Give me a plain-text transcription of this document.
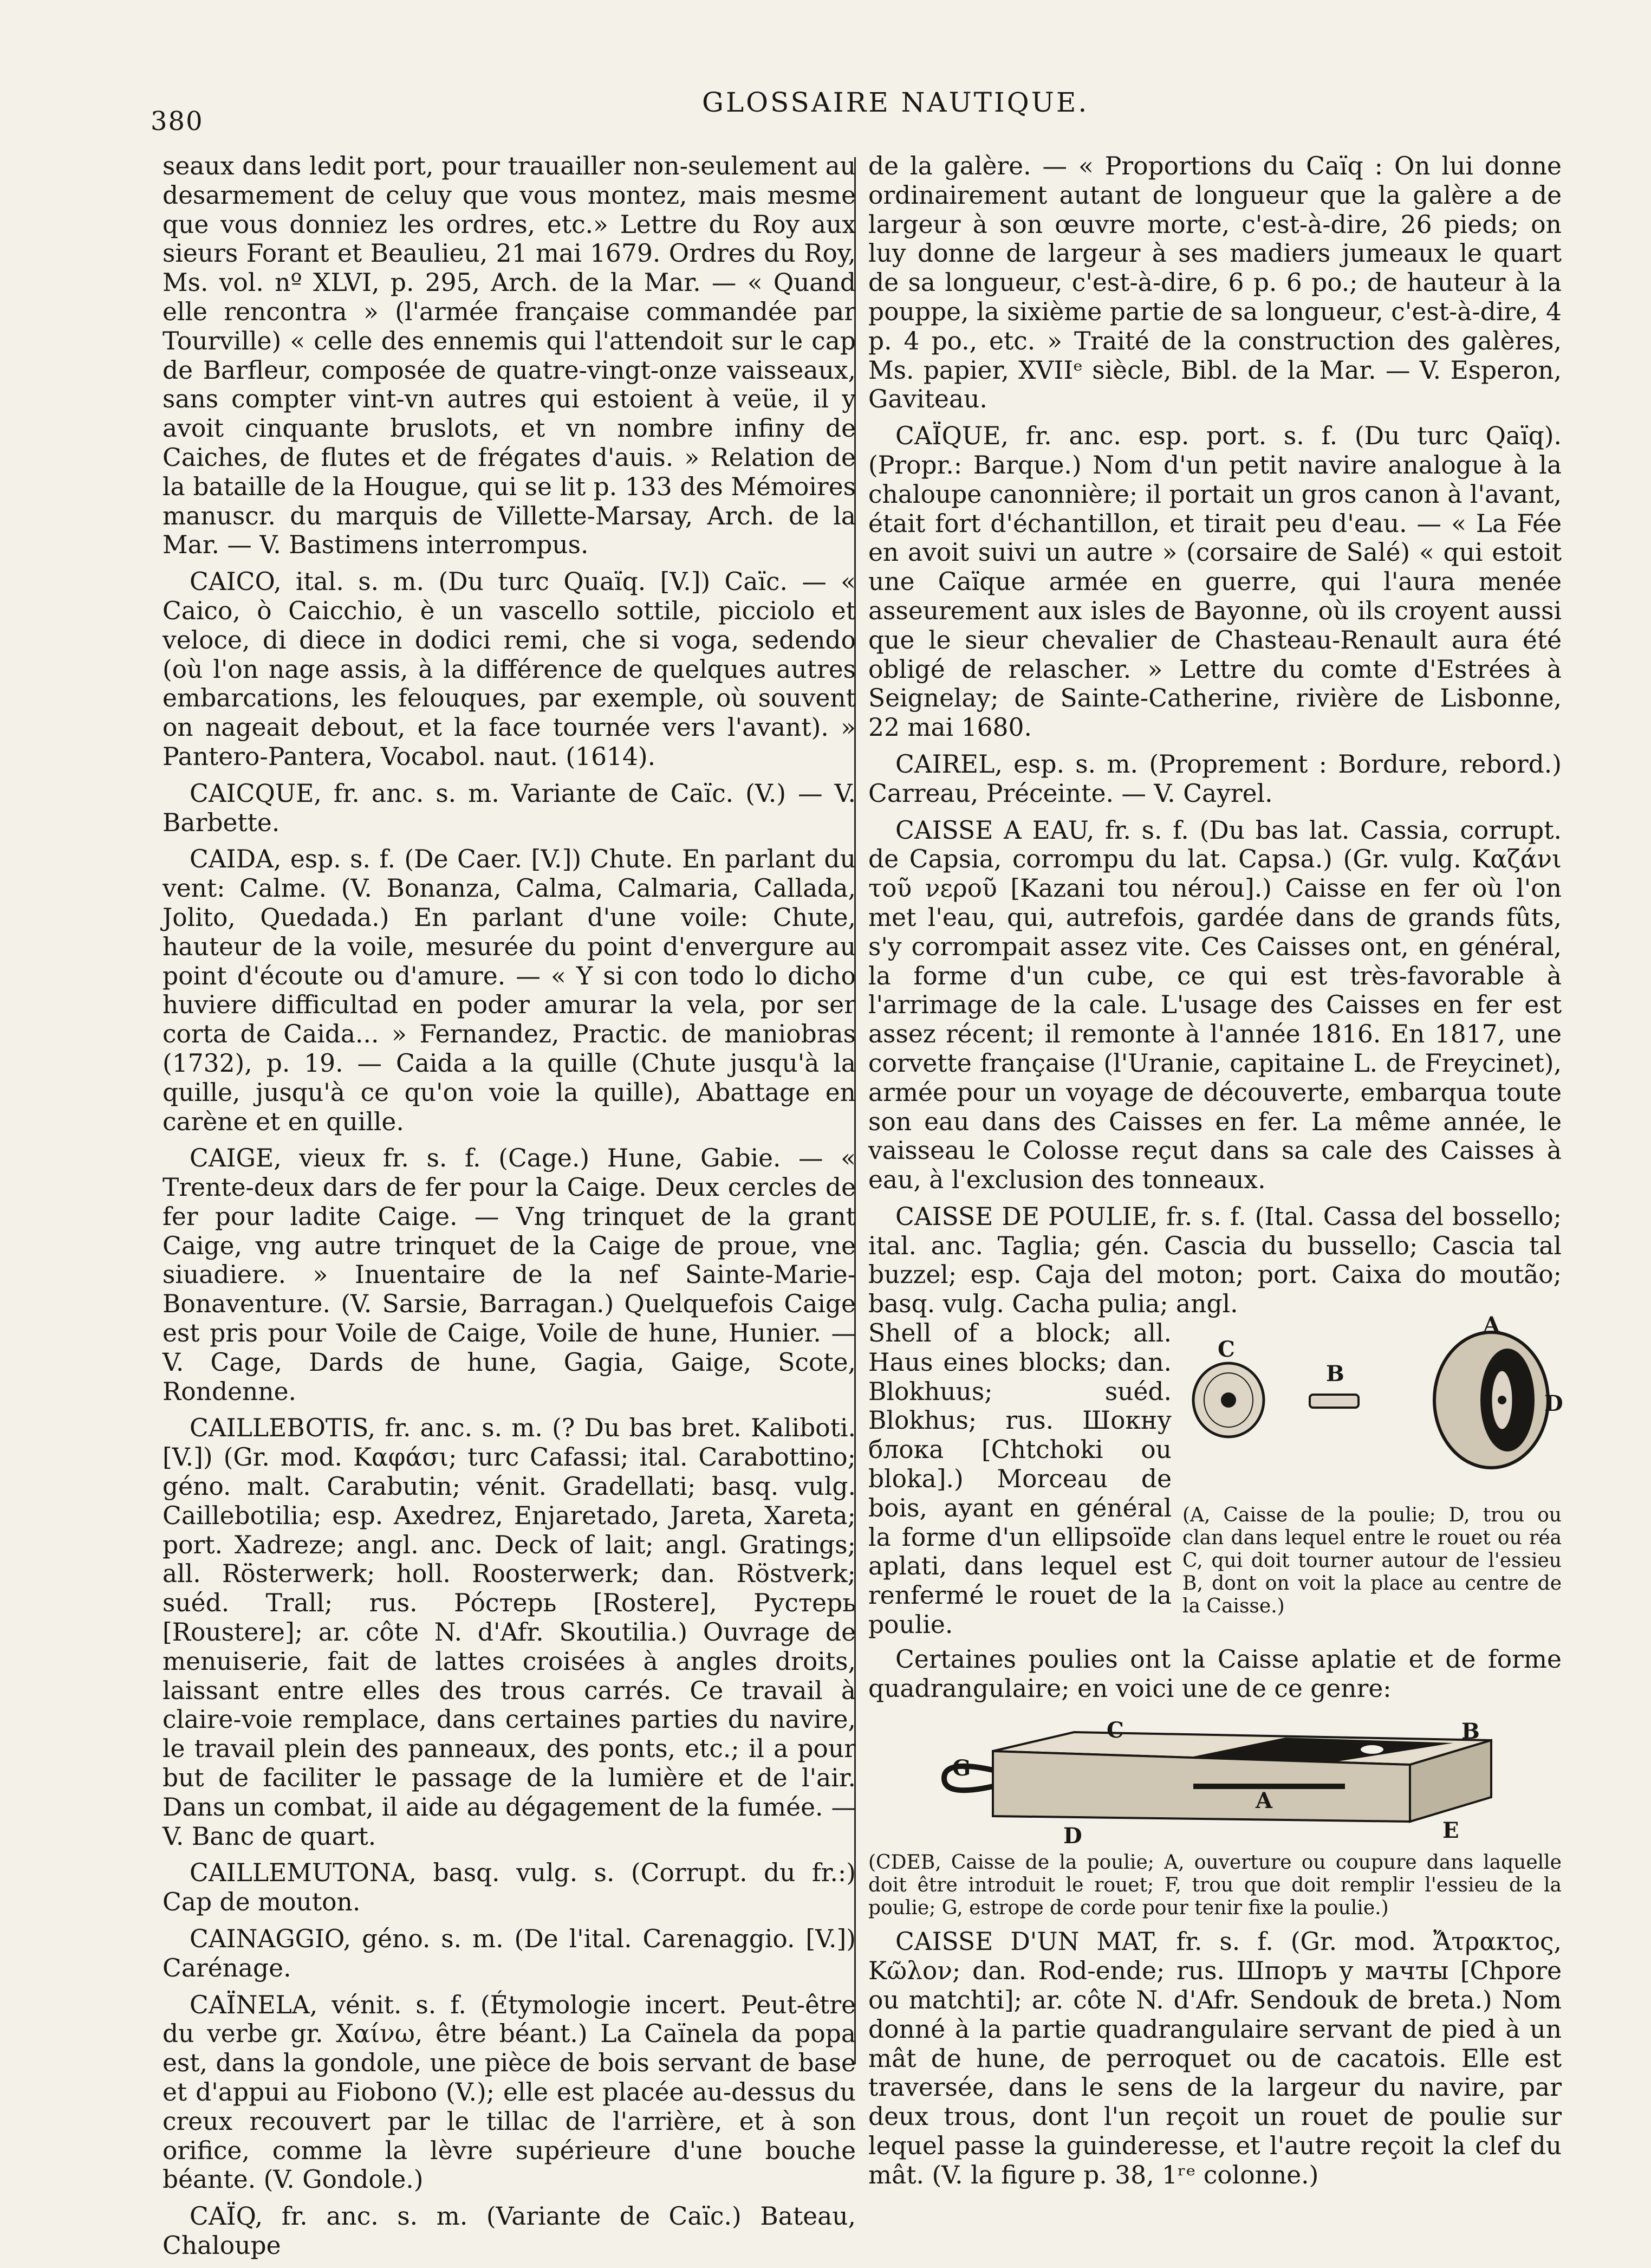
380
GLOSSAIRE NAUTIQUE.

seaux dans ledit port, pour trauailler non-seulement au desarmement de celuy que vous montez, mais mesme que vous donniez les ordres, etc.» Lettre du Roy aux sieurs Forant et Beaulieu, 21 mai 1679. Ordres du Roy, Ms. vol. nº XLVI, p. 295, Arch. de la Mar. — « Quand elle rencontra » (l'armée française commandée par Tourville) « celle des ennemis qui l'attendoit sur le cap de Barfleur, composée de quatre-vingt-onze vaisseaux, sans compter vint-vn autres qui estoient à veüe, il y avoit cinquante bruslots, et vn nombre infiny de Caiches, de flutes et de frégates d'auis. » Relation de la bataille de la Hougue, qui se lit p. 133 des Mémoires manuscr. du marquis de Villette-Marsay, Arch. de la Mar. — V. Bastimens interrompus.

CAICO, ital. s. m. (Du turc Quaïq. [V.]) Caïc. — « Caico, ò Caicchio, è un vascello sottile, picciolo et veloce, di diece in dodici remi, che si voga, sedendo (où l'on nage assis, à la différence de quelques autres embarcations, les felouques, par exemple, où souvent on nageait debout, et la face tournée vers l'avant). » Pantero-Pantera, Vocabol. naut. (1614).

CAICQUE, fr. anc. s. m. Variante de Caïc. (V.) — V. Barbette.

CAIDA, esp. s. f. (De Caer. [V.]) Chute. En parlant du vent: Calme. (V. Bonanza, Calma, Calmaria, Callada, Jolito, Quedada.) En parlant d'une voile: Chute, hauteur de la voile, mesurée du point d'envergure au point d'écoute ou d'amure. — « Y si con todo lo dicho huviere difficultad en poder amurar la vela, por ser corta de Caida... » Fernandez, Practic. de maniobras (1732), p. 19. — Caida a la quille (Chute jusqu'à la quille, jusqu'à ce qu'on voie la quille), Abattage en carène et en quille.

CAIGE, vieux fr. s. f. (Cage.) Hune, Gabie. — « Trente-deux dars de fer pour la Caige. Deux cercles de fer pour ladite Caige. — Vng trinquet de la grant Caige, vng autre trinquet de la Caige de proue, vne siuadiere. » Inuentaire de la nef Sainte-Marie-Bonaventure. (V. Sarsie, Barragan.) Quelquefois Caige est pris pour Voile de Caige, Voile de hune, Hunier. — V. Cage, Dards de hune, Gagia, Gaige, Scote, Rondenne.

CAILLEBOTIS, fr. anc. s. m. (? Du bas bret. Kaliboti. [V.]) (Gr. mod. Καφάσι; turc Cafassi; ital. Carabottino; géno. malt. Carabutin; vénit. Gradellati; basq. vulg. Caillebotilia; esp. Axedrez, Enjaretado, Jareta, Xareta; port. Xadreze; angl. anc. Deck of lait; angl. Gratings; all. Rösterwerk; holl. Roosterwerk; dan. Röstverk; suéd. Trall; rus. Рóстерь [Rostere], Рустерь [Roustere]; ar. côte N. d'Afr. Skoutilia.) Ouvrage de menuiserie, fait de lattes croisées à angles droits, laissant entre elles des trous carrés. Ce travail à claire-voie remplace, dans certaines parties du navire, le travail plein des panneaux, des ponts, etc.; il a pour but de faciliter le passage de la lumière et de l'air. Dans un combat, il aide au dégagement de la fumée. — V. Banc de quart.

CAILLEMUTONA, basq. vulg. s. (Corrupt. du fr.:) Cap de mouton.

CAINAGGIO, géno. s. m. (De l'ital. Carenaggio. [V.]) Carénage.

CAÏNELA, vénit. s. f. (Étymologie incert. Peut-être du verbe gr. Χαίνω, être béant.) La Caïnela da popa est, dans la gondole, une pièce de bois servant de base et d'appui au Fiobono (V.); elle est placée au-dessus du creux recouvert par le tillac de l'arrière, et à son orifice, comme la lèvre supérieure d'une bouche béante. (V. Gondole.)

CAÏQ, fr. anc. s. m. (Variante de Caïc.) Bateau, Chaloupe

de la galère. — « Proportions du Caïq : On lui donne ordinairement autant de longueur que la galère a de largeur à son œuvre morte, c'est-à-dire, 26 pieds; on luy donne de largeur à ses madiers jumeaux le quart de sa longueur, c'est-à-dire, 6 p. 6 po.; de hauteur à la pouppe, la sixième partie de sa longueur, c'est-à-dire, 4 p. 4 po., etc. » Traité de la construction des galères, Ms. papier, XVIIᵉ siècle, Bibl. de la Mar. — V. Esperon, Gaviteau.

CAÏQUE, fr. anc. esp. port. s. f. (Du turc Qaïq). (Propr.: Barque.) Nom d'un petit navire analogue à la chaloupe canonnière; il portait un gros canon à l'avant, était fort d'échantillon, et tirait peu d'eau. — « La Fée en avoit suivi un autre » (corsaire de Salé) « qui estoit une Caïque armée en guerre, qui l'aura menée asseurement aux isles de Bayonne, où ils croyent aussi que le sieur chevalier de Chasteau-Renault aura été obligé de relascher. » Lettre du comte d'Estrées à Seignelay; de Sainte-Catherine, rivière de Lisbonne, 22 mai 1680.

CAIREL, esp. s. m. (Proprement : Bordure, rebord.) Carreau, Préceinte. — V. Cayrel.

CAISSE A EAU, fr. s. f. (Du bas lat. Cassia, corrupt. de Capsia, corrompu du lat. Capsa.) (Gr. vulg. Καζάνι τοῦ νεροῦ [Kazani tou nérou].) Caisse en fer où l'on met l'eau, qui, autrefois, gardée dans de grands fûts, s'y corrompait assez vite. Ces Caisses ont, en général, la forme d'un cube, ce qui est très-favorable à l'arrimage de la cale. L'usage des Caisses en fer est assez récent; il remonte à l'année 1816. En 1817, une corvette française (l'Uranie, capitaine L. de Freycinet), armée pour un voyage de découverte, embarqua toute son eau dans des Caisses en fer. La même année, le vaisseau le Colosse reçut dans sa cale des Caisses à eau, à l'exclusion des tonneaux.

CAISSE DE POULIE, fr. s. f. (Ital. Cassa del bossello; ital. anc. Taglia; gén. Cascia du bussello; Cascia tal buzzel; esp. Caja del moton; port. Caixa do moutão; basq. vulg. Cacha pulia; angl.

Shell of a block; all. Haus eines blocks; dan. Blokhuus; suéd. Blokhus; rus. Шокну блока [Chtchoki ou bloka].) Morceau de bois, ayant en général la forme d'un ellipsoïde aplati, dans lequel est renfermé le rouet de la poulie.

C
B
A
D
(A, Caisse de la poulie; D, trou ou clan dans lequel entre le rouet ou réa C, qui doit tourner autour de l'essieu B, dont on voit la place au centre de la Caisse.)

Certaines poulies ont la Caisse aplatie et de forme quadrangulaire; en voici une de ce genre:

C	B
F
G
A
D	E
(CDEB, Caisse de la poulie; A, ouverture ou coupure dans laquelle doit être introduit le rouet; F, trou que doit remplir l'essieu de la poulie; G, estrope de corde pour tenir fixe la poulie.)

CAISSE D'UN MAT, fr. s. f. (Gr. mod. Ἄτρακτος, Κῶλον; dan. Rod-ende; rus. Шпоръ у мачты [Chpore ou matchti]; ar. côte N. d'Afr. Sendouk de breta.) Nom donné à la partie quadrangulaire servant de pied à un mât de hune, de perroquet ou de cacatois. Elle est traversée, dans le sens de la largeur du navire, par deux trous, dont l'un reçoit un rouet de poulie sur lequel passe la guinderesse, et l'autre reçoit la clef du mât. (V. la figure p. 38, 1ʳᵉ colonne.)
